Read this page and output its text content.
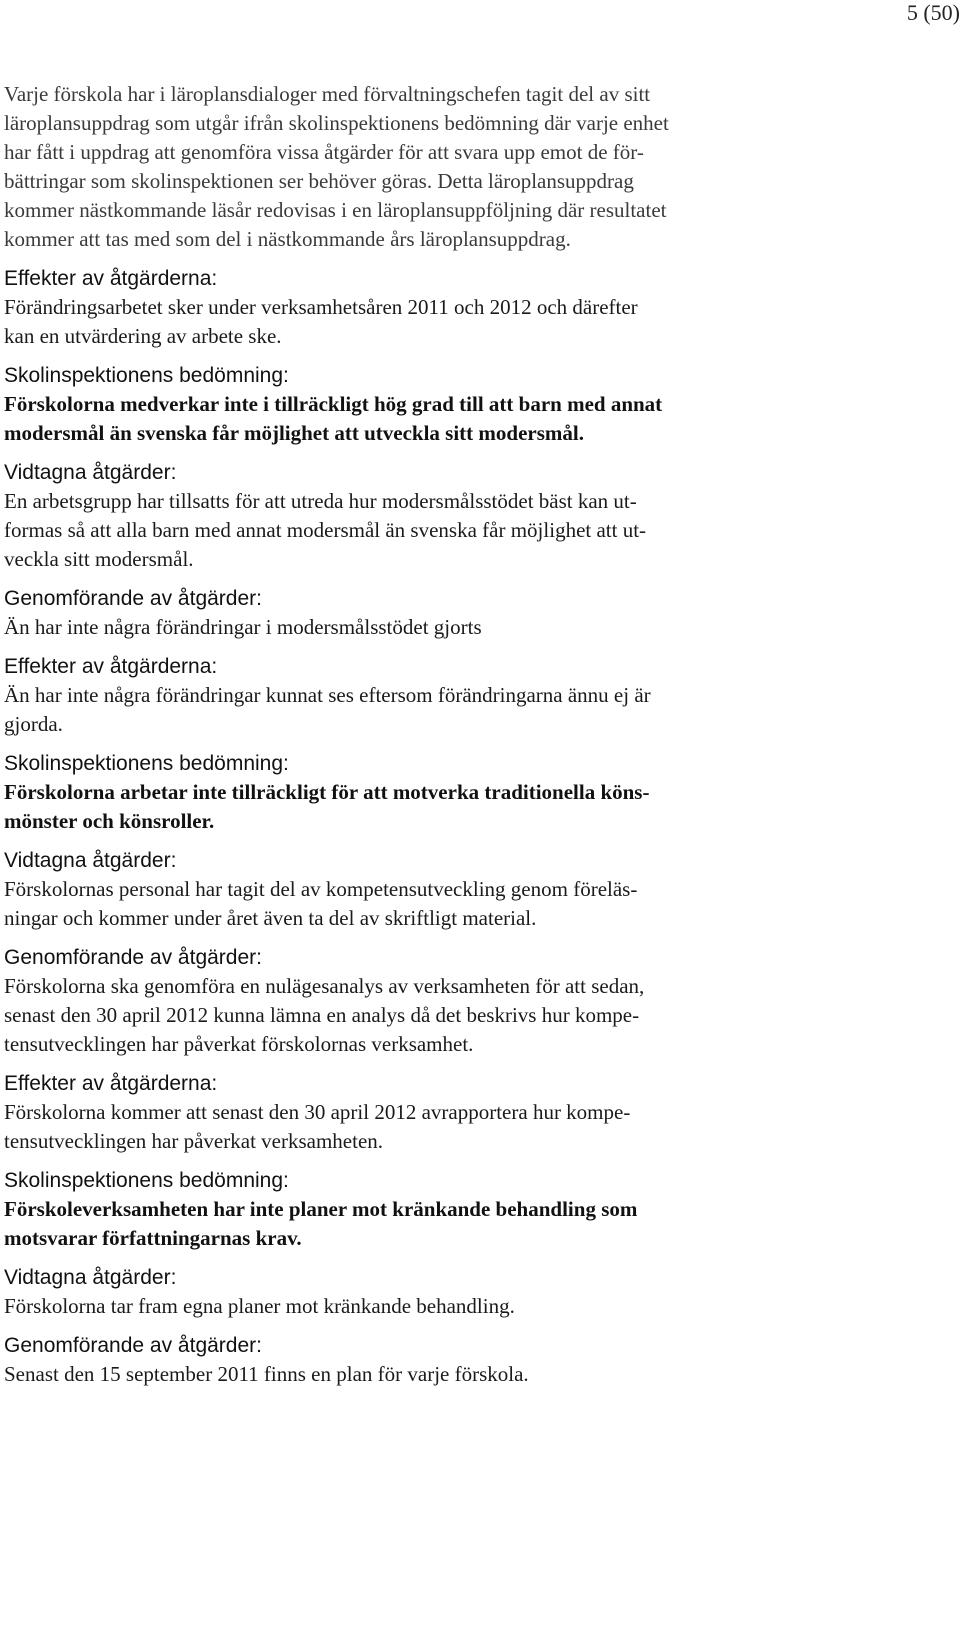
5 (50)

Varje förskola har i läroplansdialoger med förvaltningschefen tagit del av sitt

läroplansuppdrag som utgår ifrån skolinspektionens bedömning där varje enhet

har fått i uppdrag att genomföra vissa åtgärder för att svara upp emot de för-

bättringar som skolinspektionen ser behöver göras. Detta läroplansuppdrag

kommer nästkommande läsår redovisas i en läroplansuppföljning där resultatet

kommer att tas med som del i nästkommande års läroplansuppdrag.

Effekter av åtgärderna:

Förändringsarbetet sker under verksamhetsåren 2011 och 2012 och därefter

kan en utvärdering av arbete ske.

Skolinspektionens bedömning:

Förskolorna medverkar inte i tillräckligt hög grad till att barn med annat

modersmål än svenska får möjlighet att utveckla sitt modersmål.

Vidtagna åtgärder:

En arbetsgrupp har tillsatts för att utreda hur modersmålsstödet bäst kan ut-

formas så att alla barn med annat modersmål än svenska får möjlighet att ut-

veckla sitt modersmål.

Genomförande av åtgärder:

Än har inte några förändringar i modersmålsstödet gjorts

Effekter av åtgärderna:

Än har inte några förändringar kunnat ses eftersom förändringarna ännu ej är

gjorda.

Skolinspektionens bedömning:

Förskolorna arbetar inte tillräckligt för att motverka traditionella köns-

mönster och könsroller.

Vidtagna åtgärder:

Förskolornas personal har tagit del av kompetensutveckling genom föreläs-

ningar och kommer under året även ta del av skriftligt material.

Genomförande av åtgärder:

Förskolorna ska genomföra en nulägesanalys av verksamheten för att sedan,

senast den 30 april 2012 kunna lämna en analys då det beskrivs hur kompe-

tensutvecklingen har påverkat förskolornas verksamhet.

Effekter av åtgärderna:

Förskolorna kommer att senast den 30 april 2012 avrapportera hur kompe-

tensutvecklingen har påverkat verksamheten.

Skolinspektionens bedömning:

Förskoleverksamheten har inte planer mot kränkande behandling som

motsvarar författningarnas krav.

Vidtagna åtgärder:

Förskolorna tar fram egna planer mot kränkande behandling.

Genomförande av åtgärder:

Senast den 15 september 2011 finns en plan för varje förskola.
